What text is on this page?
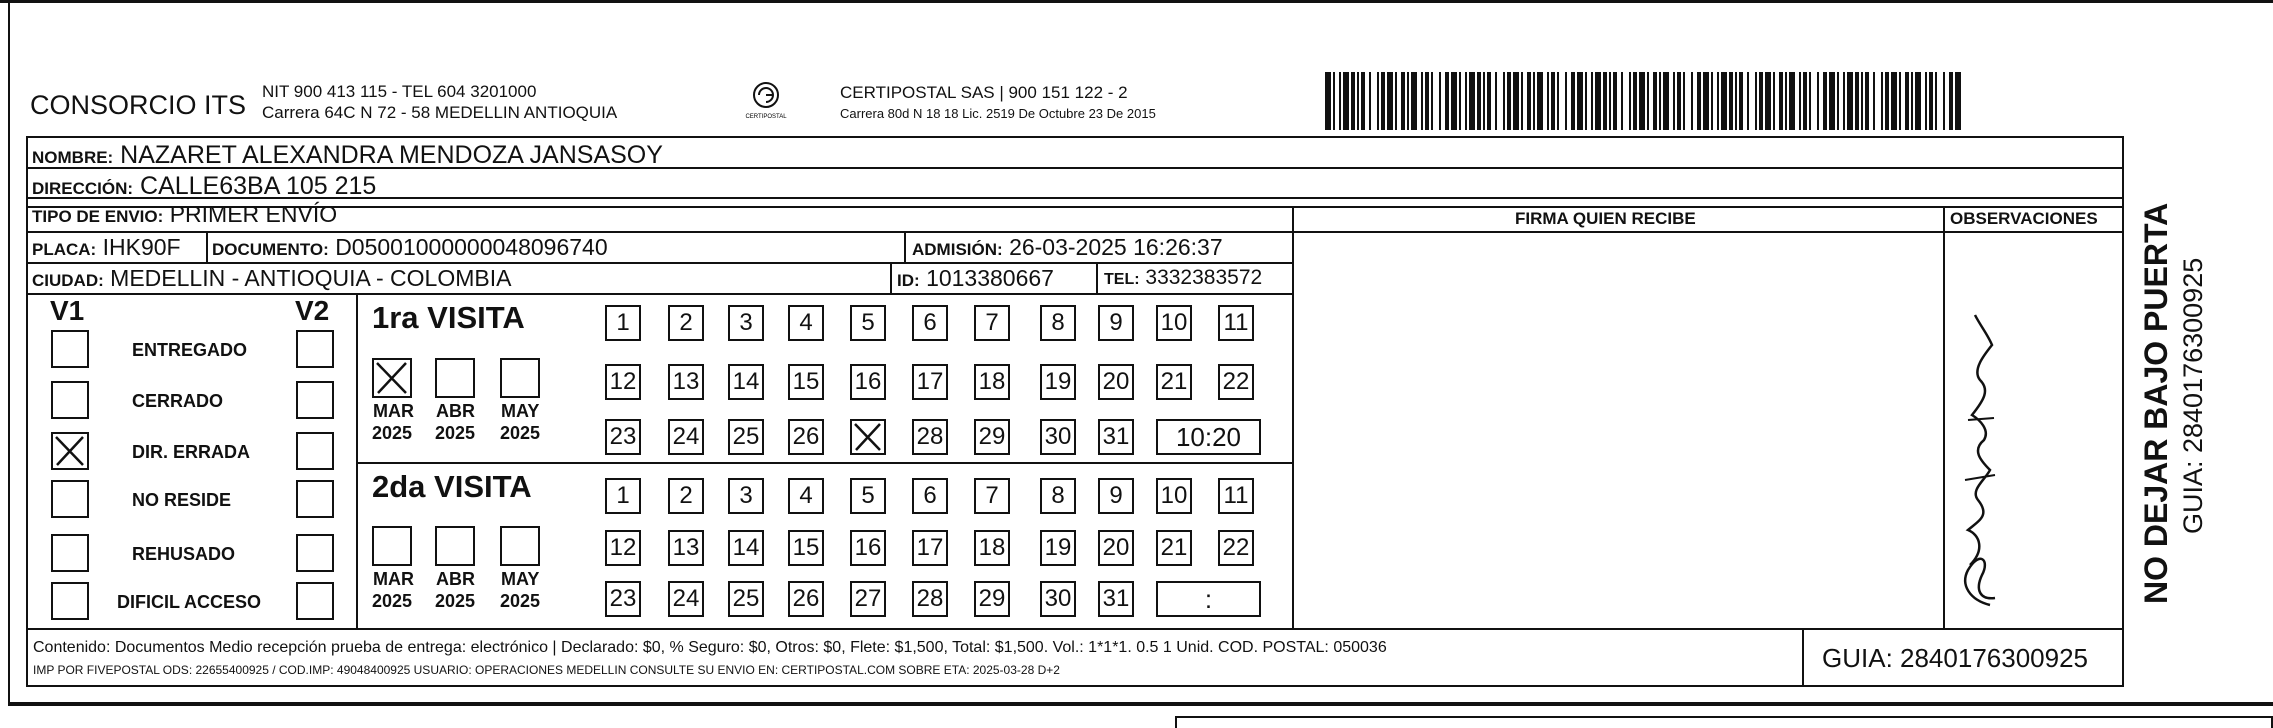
CONSORCIO ITS NIT 900 413 115 - TEL 604 3201000
Carrera 64C N 72 - 58 MEDELLIN ANTIOQUIA	CERTIPOSTAL
CERTIPOSTAL SAS | 900 151 122 - 2
Carrera 80d N 18 18 Lic. 2519 De Octubre 23 De 2015
NOMBRE: NAZARET ALEXANDRA MENDOZA JANSASOY
DIRECCIÓN: CALLE63BA 105 215
TIPO DE ENVIO: PRIMER ENVÍO	FIRMA QUIEN RECIBE	OBSERVACIONES
PLACA: IHK90F DOCUMENTO: D05001000000048096740	ADMISIÓN: 26-03-2025 16:26:37
CIUDAD: MEDELLIN - ANTIOQUIA - COLOMBIA	ID: 1013380667	TEL: 3332383572
V1	V2
ENTREGADO
CERRADO
DIR. ERRADA
NO RESIDE
REHUSADO
DIFICIL ACCESO
1ra VISITA
MAR
2025
ABR
2025
MAY
2025
1	2	3	4	5	6	7	8	9	10 11
12 13 14 15 16 17 18 19 20 21 22
23 24 25 26	28 29 30 31	10:20
2da VISITA
MAR
2025
ABR
2025
MAY
2025
1	2	3	4	5	6	7	8	9	10 11
12 13 14 15 16 17 18 19 20 21 22
23 24 25 26 27 28 29 30 31	:
Contenido: Documentos Medio recepción prueba de entrega: electrónico | Declarado: $0, % Seguro: $0, Otros: $0, Flete: $1,500, Total: $1,500. Vol.: 1*1*1. 0.5 1 Unid. COD. POSTAL: 050036
IMP POR FIVEPOSTAL ODS: 22655400925 / COD.IMP: 49048400925 USUARIO: OPERACIONES MEDELLIN CONSULTE SU ENVIO EN: CERTIPOSTAL.COM SOBRE ETA: 2025-03-28 D+2	GUIA: 2840176300925
NO DEJAR BAJO PUERTA GUIA: 2840176300925
